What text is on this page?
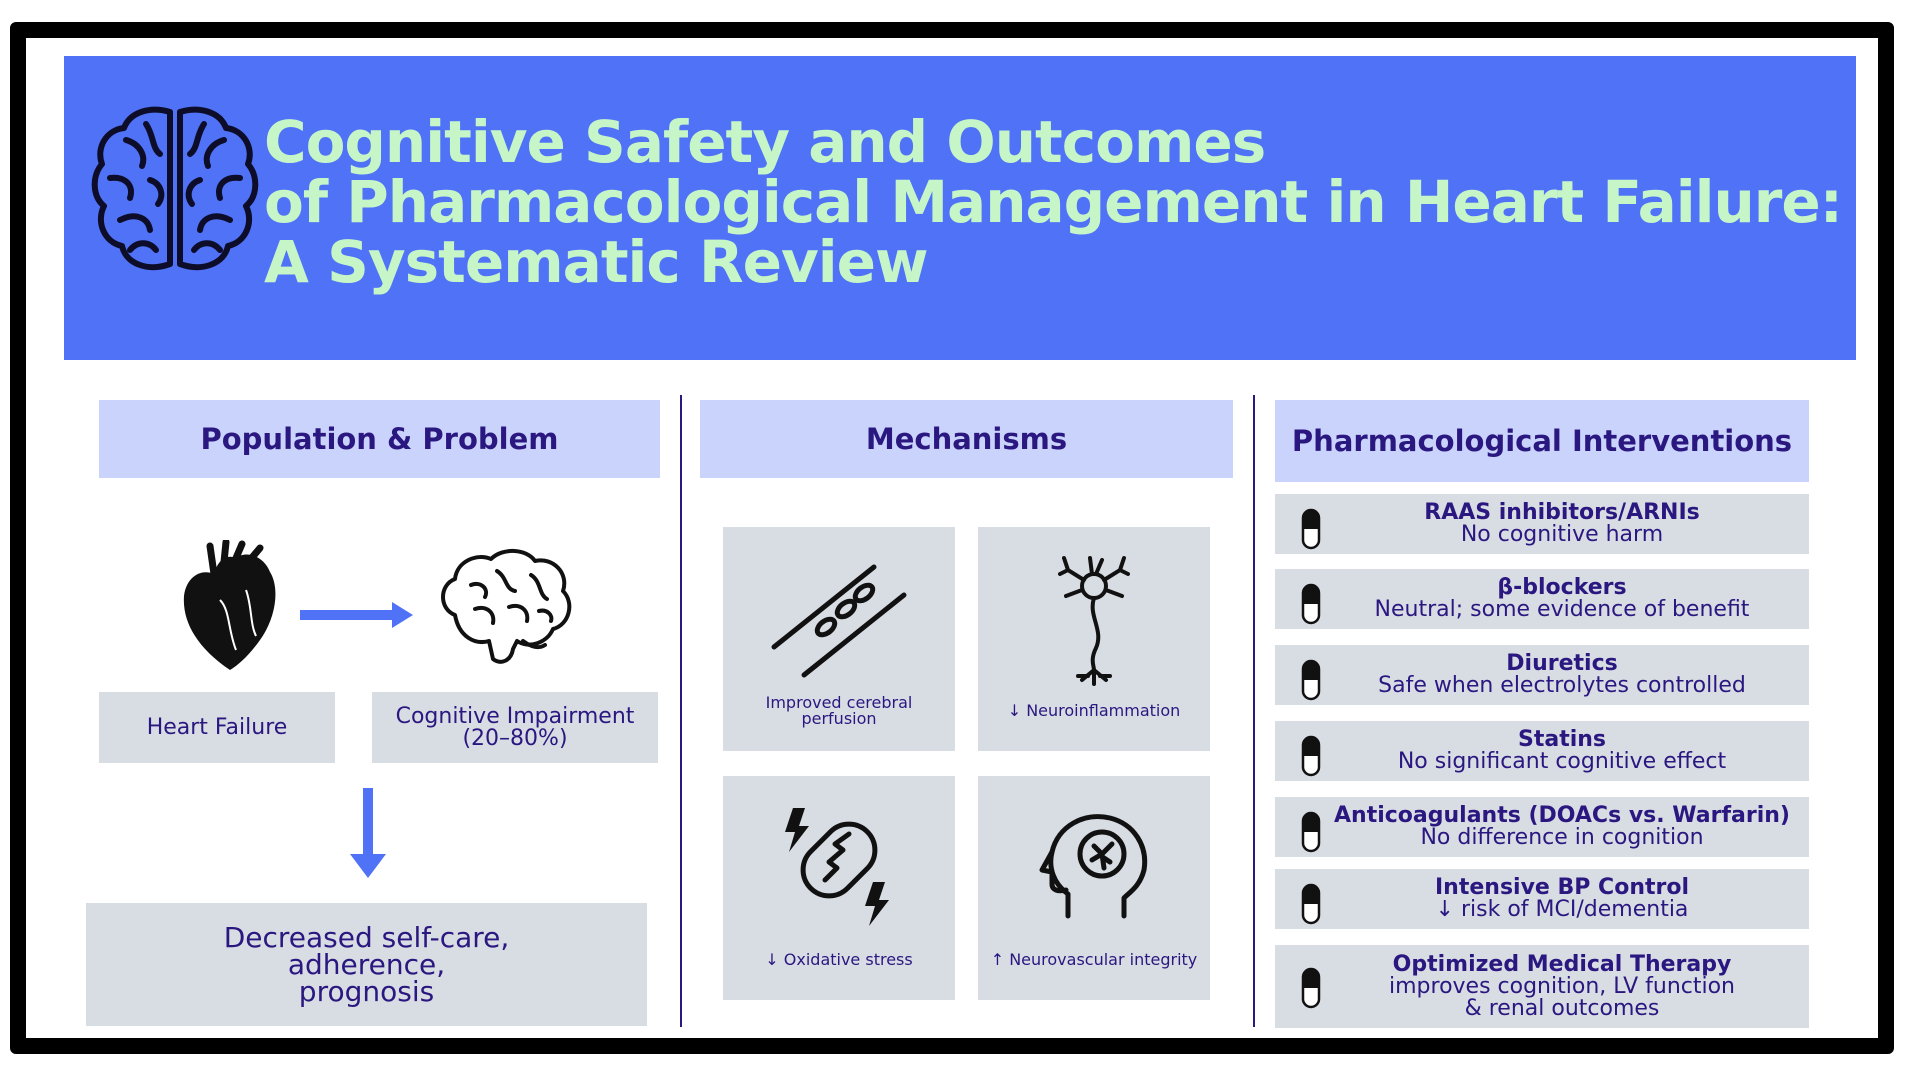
Cognitive Safety and Outcomes
of Pharmacological Management in Heart Failure:
A Systematic Review
Population & Problem
Heart Failure	Cognitive Impairment
(20–80%)
Decreased self-care,
adherence,
prognosis
Mechanisms
Improved cerebral
perfusion	↓ Neuroinflammation
↓ Oxidative stress	↑ Neurovascular integrity
Pharmacological Interventions
RAAS inhibitors/ARNIs
No cognitive harm
β-blockers
Neutral; some evidence of benefit
Diuretics
Safe when electrolytes controlled
Statins
No significant cognitive effect
Anticoagulants (DOACs vs. Warfarin)
No difference in cognition
Intensive BP Control
↓ risk of MCI/dementia
Optimized Medical Therapy
improves cognition, LV function
& renal outcomes
